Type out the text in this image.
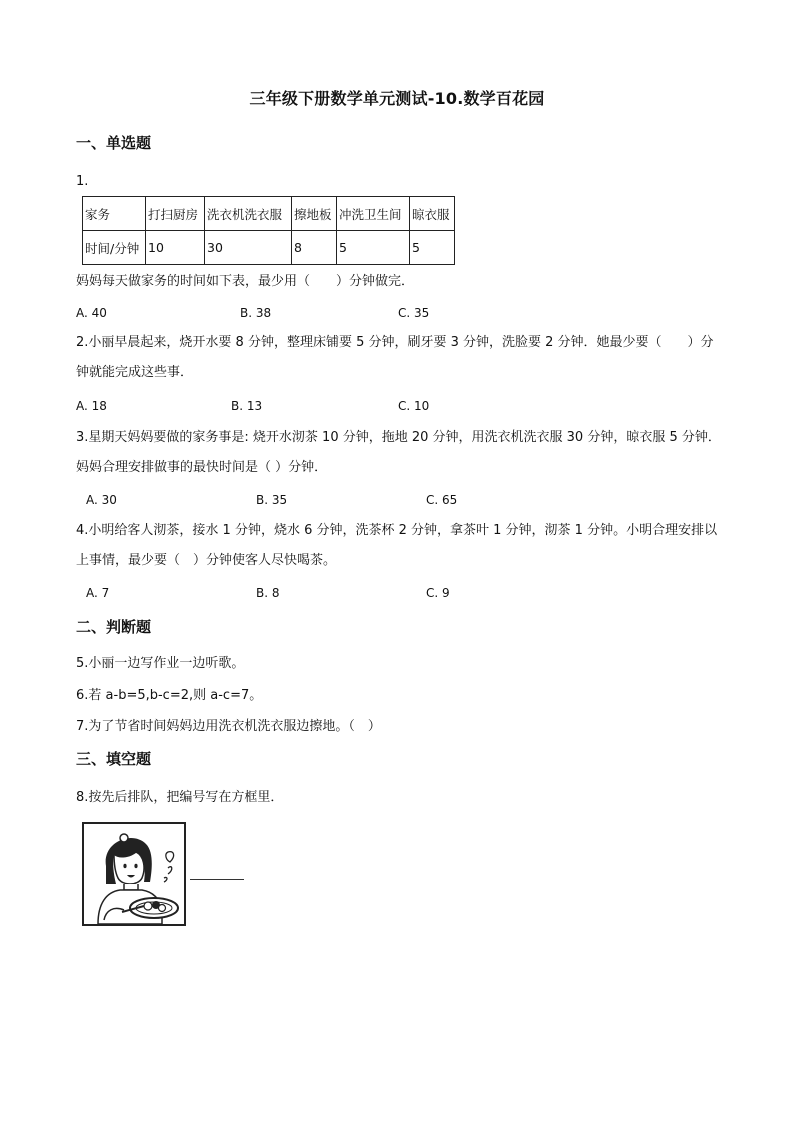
三年级下册数学单元测试-10.数学百花园
一、单选题
1.
家务	打扫厨房	洗衣机洗衣服	擦地板	冲洗卫生间	晾衣服
时间/分钟	10	30	8	5	5
妈妈每天做家务的时间如下表，最少用（　　）分钟做完．
A. 40	B. 38	C. 35
2.小丽早晨起来，烧开水要 8 分钟，整理床铺要 5 分钟，刷牙要 3 分钟，洗脸要 2 分钟．她最少要（　　）分钟就能完成这些事．
A. 18	B. 13	C. 10
3.星期天妈妈要做的家务事是: 烧开水沏茶 10 分钟，拖地 20 分钟，用洗衣机洗衣服 30 分钟，晾衣服 5 分钟．妈妈合理安排做事的最快时间是（ ）分钟．
A. 30	B. 35	C. 65
4.小明给客人沏茶，接水 1 分钟，烧水 6 分钟，洗茶杯 2 分钟，拿茶叶 1 分钟，沏茶 1 分钟。小明合理安排以上事情，最少要（　）分钟使客人尽快喝茶。
A. 7	B. 8	C. 9
二、判断题
5.小丽一边写作业一边听歌。
6.若 a-b=5,b-c=2,则 a-c=7。
7.为了节省时间妈妈边用洗衣机洗衣服边擦地。（　）
三、填空题
8.按先后排队，把编号写在方框里．
